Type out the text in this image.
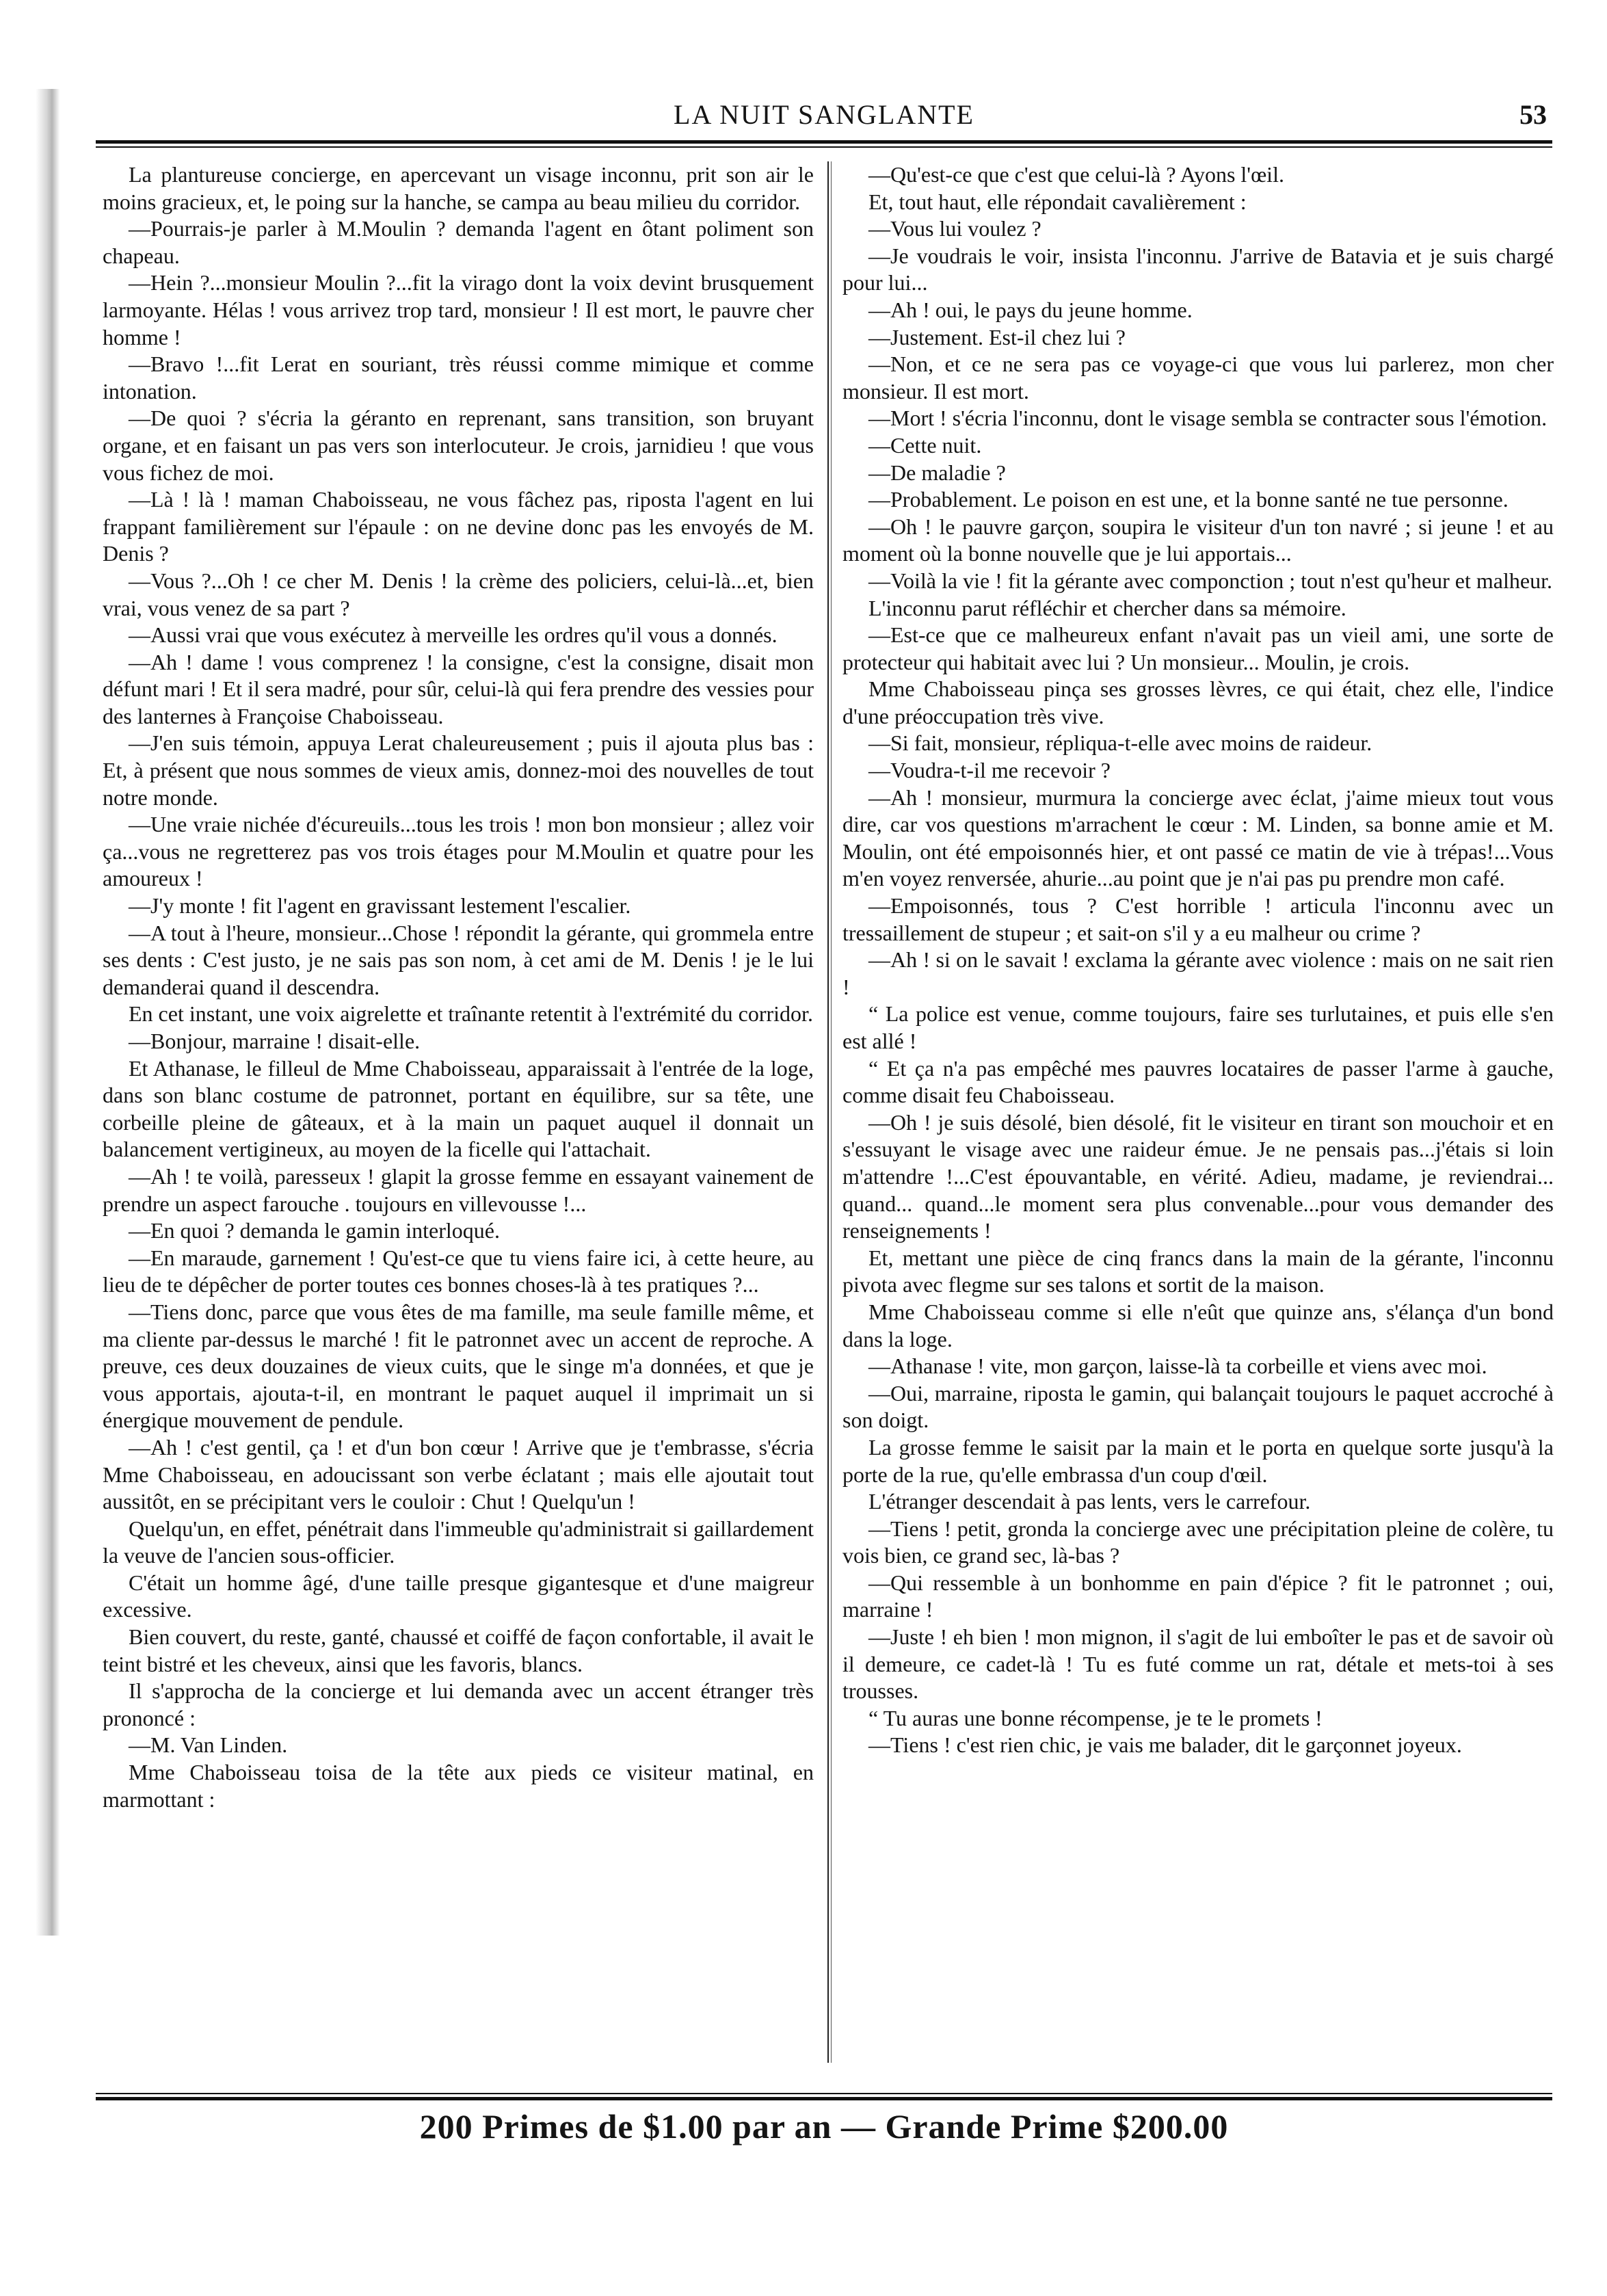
LA NUIT SANGLANTE	53

La plantureuse concierge, en apercevant un visage inconnu, prit son air le moins gracieux, et, le poing sur la hanche, se campa au beau milieu du corridor.

—Pourrais-je parler à M.Moulin ? demanda l'agent en ôtant poliment son chapeau.

—Hein ?...monsieur Moulin ?...fit la virago dont la voix devint brusquement larmoyante. Hélas ! vous arrivez trop tard, monsieur ! Il est mort, le pauvre cher homme !

—Bravo !...fit Lerat en souriant, très réussi comme mimique et comme intonation.

—De quoi ? s'écria la géranto en reprenant, sans transition, son bruyant organe, et en faisant un pas vers son interlocuteur. Je crois, jarnidieu ! que vous vous fichez de moi.

—Là ! là ! maman Chaboisseau, ne vous fâchez pas, riposta l'agent en lui frappant familièrement sur l'épaule : on ne devine donc pas les envoyés de M. Denis ?

—Vous ?...Oh ! ce cher M. Denis ! la crème des policiers, celui-là...et, bien vrai, vous venez de sa part ?

—Aussi vrai que vous exécutez à merveille les ordres qu'il vous a donnés.

—Ah ! dame ! vous comprenez ! la consigne, c'est la consigne, disait mon défunt mari ! Et il sera madré, pour sûr, celui-là qui fera prendre des vessies pour des lanternes à Françoise Chaboisseau.

—J'en suis témoin, appuya Lerat chaleureusement ; puis il ajouta plus bas : Et, à présent que nous sommes de vieux amis, donnez-moi des nouvelles de tout notre monde.

—Une vraie nichée d'écureuils...tous les trois ! mon bon monsieur ; allez voir ça...vous ne regretterez pas vos trois étages pour M.Moulin et quatre pour les amoureux !

—J'y monte ! fit l'agent en gravissant lestement l'escalier.

—A tout à l'heure, monsieur...Chose ! répondit la gérante, qui grommela entre ses dents : C'est justo, je ne sais pas son nom, à cet ami de M. Denis ! je le lui demanderai quand il descendra.

En cet instant, une voix aigrelette et traînante retentit à l'extrémité du corridor.

—Bonjour, marraine ! disait-elle.

Et Athanase, le filleul de Mme Chaboisseau, apparaissait à l'entrée de la loge, dans son blanc costume de patronnet, portant en équilibre, sur sa tête, une corbeille pleine de gâteaux, et à la main un paquet auquel il donnait un balancement vertigineux, au moyen de la ficelle qui l'attachait.

—Ah ! te voilà, paresseux ! glapit la grosse femme en essayant vainement de prendre un aspect farouche . toujours en villevousse !...

—En quoi ? demanda le gamin interloqué.

—En maraude, garnement ! Qu'est-ce que tu viens faire ici, à cette heure, au lieu de te dépêcher de porter toutes ces bonnes choses-là à tes pratiques ?...

—Tiens donc, parce que vous êtes de ma famille, ma seule famille même, et ma cliente par-dessus le marché ! fit le patronnet avec un accent de reproche. A preuve, ces deux douzaines de vieux cuits, que le singe m'a données, et que je vous apportais, ajouta-t-il, en montrant le paquet auquel il imprimait un si énergique mouvement de pendule.

—Ah ! c'est gentil, ça ! et d'un bon cœur ! Arrive que je t'embrasse, s'écria Mme Chaboisseau, en adoucissant son verbe éclatant ; mais elle ajoutait tout aussitôt, en se précipitant vers le couloir : Chut ! Quelqu'un !

Quelqu'un, en effet, pénétrait dans l'immeuble qu'administrait si gaillardement la veuve de l'ancien sous-officier.

C'était un homme âgé, d'une taille presque gigantesque et d'une maigreur excessive.

Bien couvert, du reste, ganté, chaussé et coiffé de façon confortable, il avait le teint bistré et les cheveux, ainsi que les favoris, blancs.

Il s'approcha de la concierge et lui demanda avec un accent étranger très prononcé :

—M. Van Linden.

Mme Chaboisseau toisa de la tête aux pieds ce visiteur matinal, en marmottant :

—Qu'est-ce que c'est que celui-là ? Ayons l'œil.

Et, tout haut, elle répondait cavalièrement :

—Vous lui voulez ?

—Je voudrais le voir, insista l'inconnu. J'arrive de Batavia et je suis chargé pour lui...

—Ah ! oui, le pays du jeune homme.

—Justement. Est-il chez lui ?

—Non, et ce ne sera pas ce voyage-ci que vous lui parlerez, mon cher monsieur. Il est mort.

—Mort ! s'écria l'inconnu, dont le visage sembla se contracter sous l'émotion.

—Cette nuit.

—De maladie ?

—Probablement. Le poison en est une, et la bonne santé ne tue personne.

—Oh ! le pauvre garçon, soupira le visiteur d'un ton navré ; si jeune ! et au moment où la bonne nouvelle que je lui apportais...

—Voilà la vie ! fit la gérante avec componction ; tout n'est qu'heur et malheur.

L'inconnu parut réfléchir et chercher dans sa mémoire.

—Est-ce que ce malheureux enfant n'avait pas un vieil ami, une sorte de protecteur qui habitait avec lui ? Un monsieur... Moulin, je crois.

Mme Chaboisseau pinça ses grosses lèvres, ce qui était, chez elle, l'indice d'une préoccupation très vive.

—Si fait, monsieur, répliqua-t-elle avec moins de raideur.

—Voudra-t-il me recevoir ?

—Ah ! monsieur, murmura la concierge avec éclat, j'aime mieux tout vous dire, car vos questions m'arrachent le cœur : M. Linden, sa bonne amie et M. Moulin, ont été empoisonnés hier, et ont passé ce matin de vie à trépas!...Vous m'en voyez renversée, ahurie...au point que je n'ai pas pu prendre mon café.

—Empoisonnés, tous ? C'est horrible ! articula l'inconnu avec un tressaillement de stupeur ; et sait-on s'il y a eu malheur ou crime ?

—Ah ! si on le savait ! exclama la gérante avec violence : mais on ne sait rien !

“ La police est venue, comme toujours, faire ses turlutaines, et puis elle s'en est allé !

“ Et ça n'a pas empêché mes pauvres locataires de passer l'arme à gauche, comme disait feu Chaboisseau.

—Oh ! je suis désolé, bien désolé, fit le visiteur en tirant son mouchoir et en s'essuyant le visage avec une raideur émue. Je ne pensais pas...j'étais si loin m'attendre !...C'est épouvantable, en vérité. Adieu, madame, je reviendrai... quand... quand...le moment sera plus convenable...pour vous demander des renseignements !

Et, mettant une pièce de cinq francs dans la main de la gérante, l'inconnu pivota avec flegme sur ses talons et sortit de la maison.

Mme Chaboisseau comme si elle n'eût que quinze ans, s'élança d'un bond dans la loge.

—Athanase ! vite, mon garçon, laisse-là ta corbeille et viens avec moi.

—Oui, marraine, riposta le gamin, qui balançait toujours le paquet accroché à son doigt.

La grosse femme le saisit par la main et le porta en quelque sorte jusqu'à la porte de la rue, qu'elle embrassa d'un coup d'œil.

L'étranger descendait à pas lents, vers le carrefour.

—Tiens ! petit, gronda la concierge avec une précipitation pleine de colère, tu vois bien, ce grand sec, là-bas ?

—Qui ressemble à un bonhomme en pain d'épice ? fit le patronnet ; oui, marraine !

—Juste ! eh bien ! mon mignon, il s'agit de lui emboîter le pas et de savoir où il demeure, ce cadet-là ! Tu es futé comme un rat, détale et mets-toi à ses trousses.

“ Tu auras une bonne récompense, je te le promets !

—Tiens ! c'est rien chic, je vais me balader, dit le garçonnet joyeux.

200 Primes de $1.00 par an — Grande Prime $200.00
